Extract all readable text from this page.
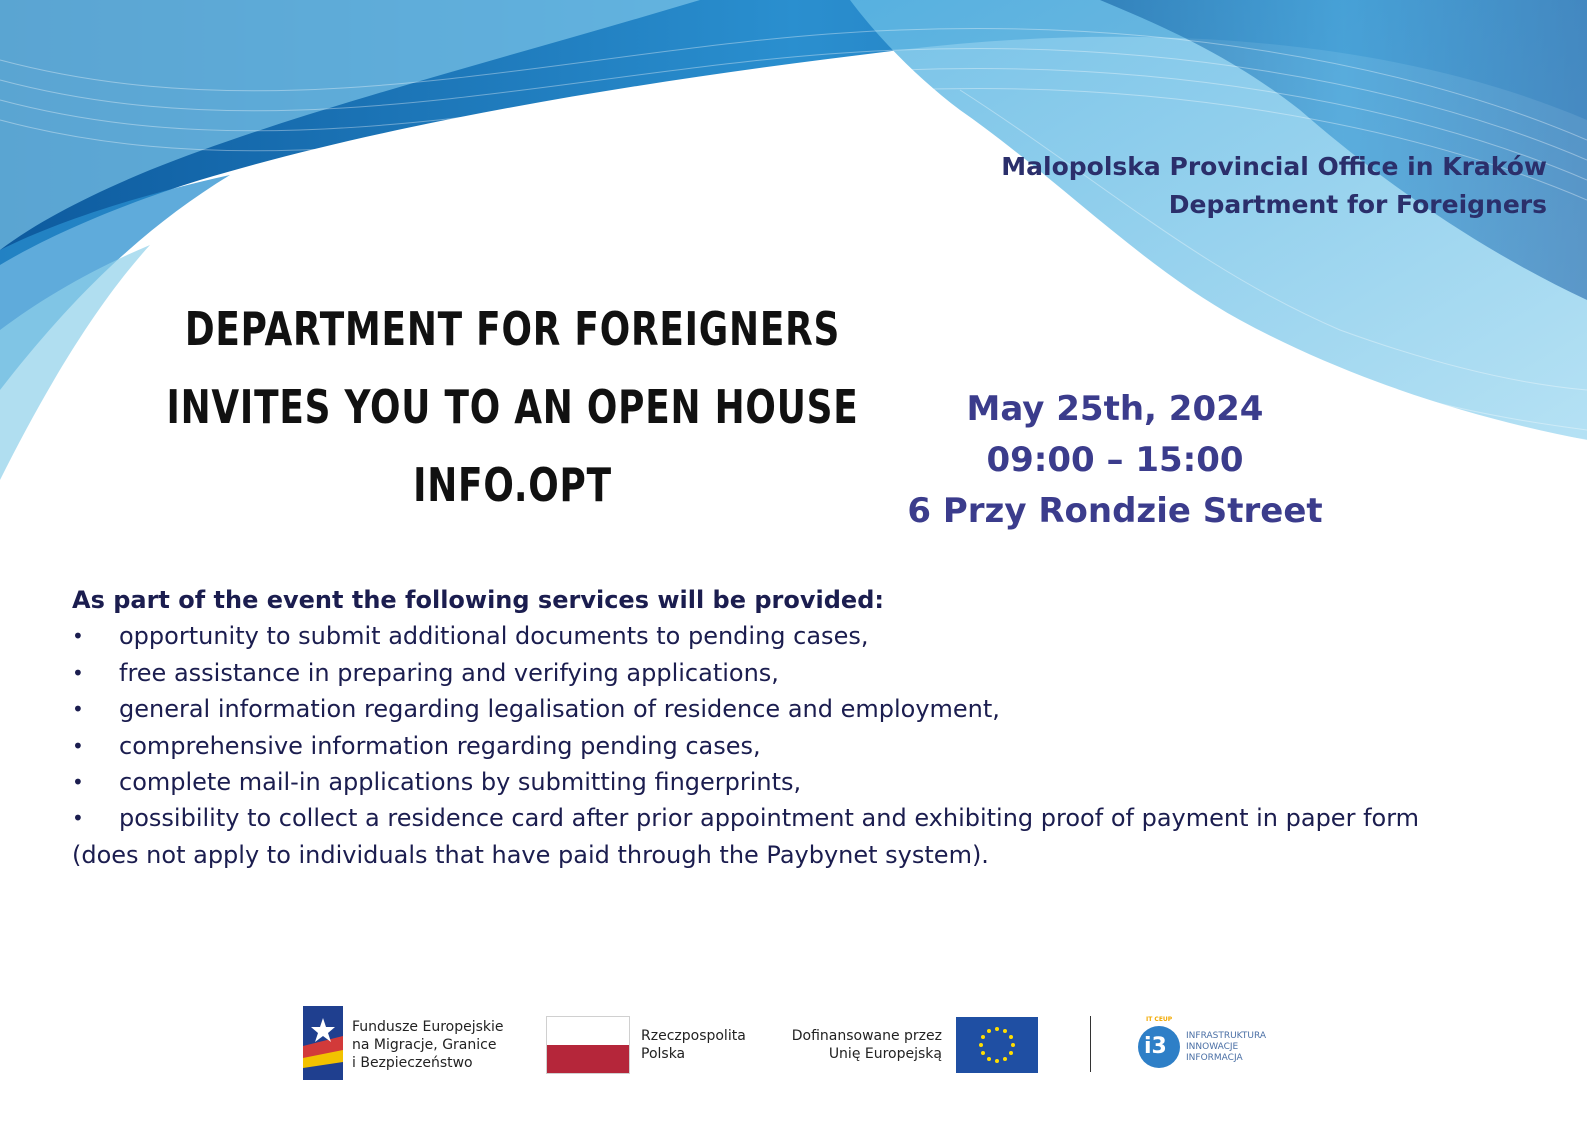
Malopolska Provincial Office in Kraków
Department for Foreigners
DEPARTMENT FOR FOREIGNERS
INVITES YOU TO AN OPEN HOUSE INFO.OPT
May 25th, 2024
09:00 – 15:00
6 Przy Rondzie Street
As part of the event the following services will be provided:
• opportunity to submit additional documents to pending cases,
• free assistance in preparing and verifying applications,
• general information regarding legalisation of residence and employment,
• comprehensive information regarding pending cases,
• complete mail-in applications by submitting fingerprints,
• possibility to collect a residence card after prior appointment and exhibiting proof of payment in paper form
(does not apply to individuals that have paid through the Paybynet system).
Fundusze Europejskie
na Migracje, Granice
i Bezpieczeństwo
Rzeczpospolita
Polska
Dofinansowane przez
Unię Europejską
IT CEUP
i3 INFRASTRUKTURA
INNOWACJE
INFORMACJA
